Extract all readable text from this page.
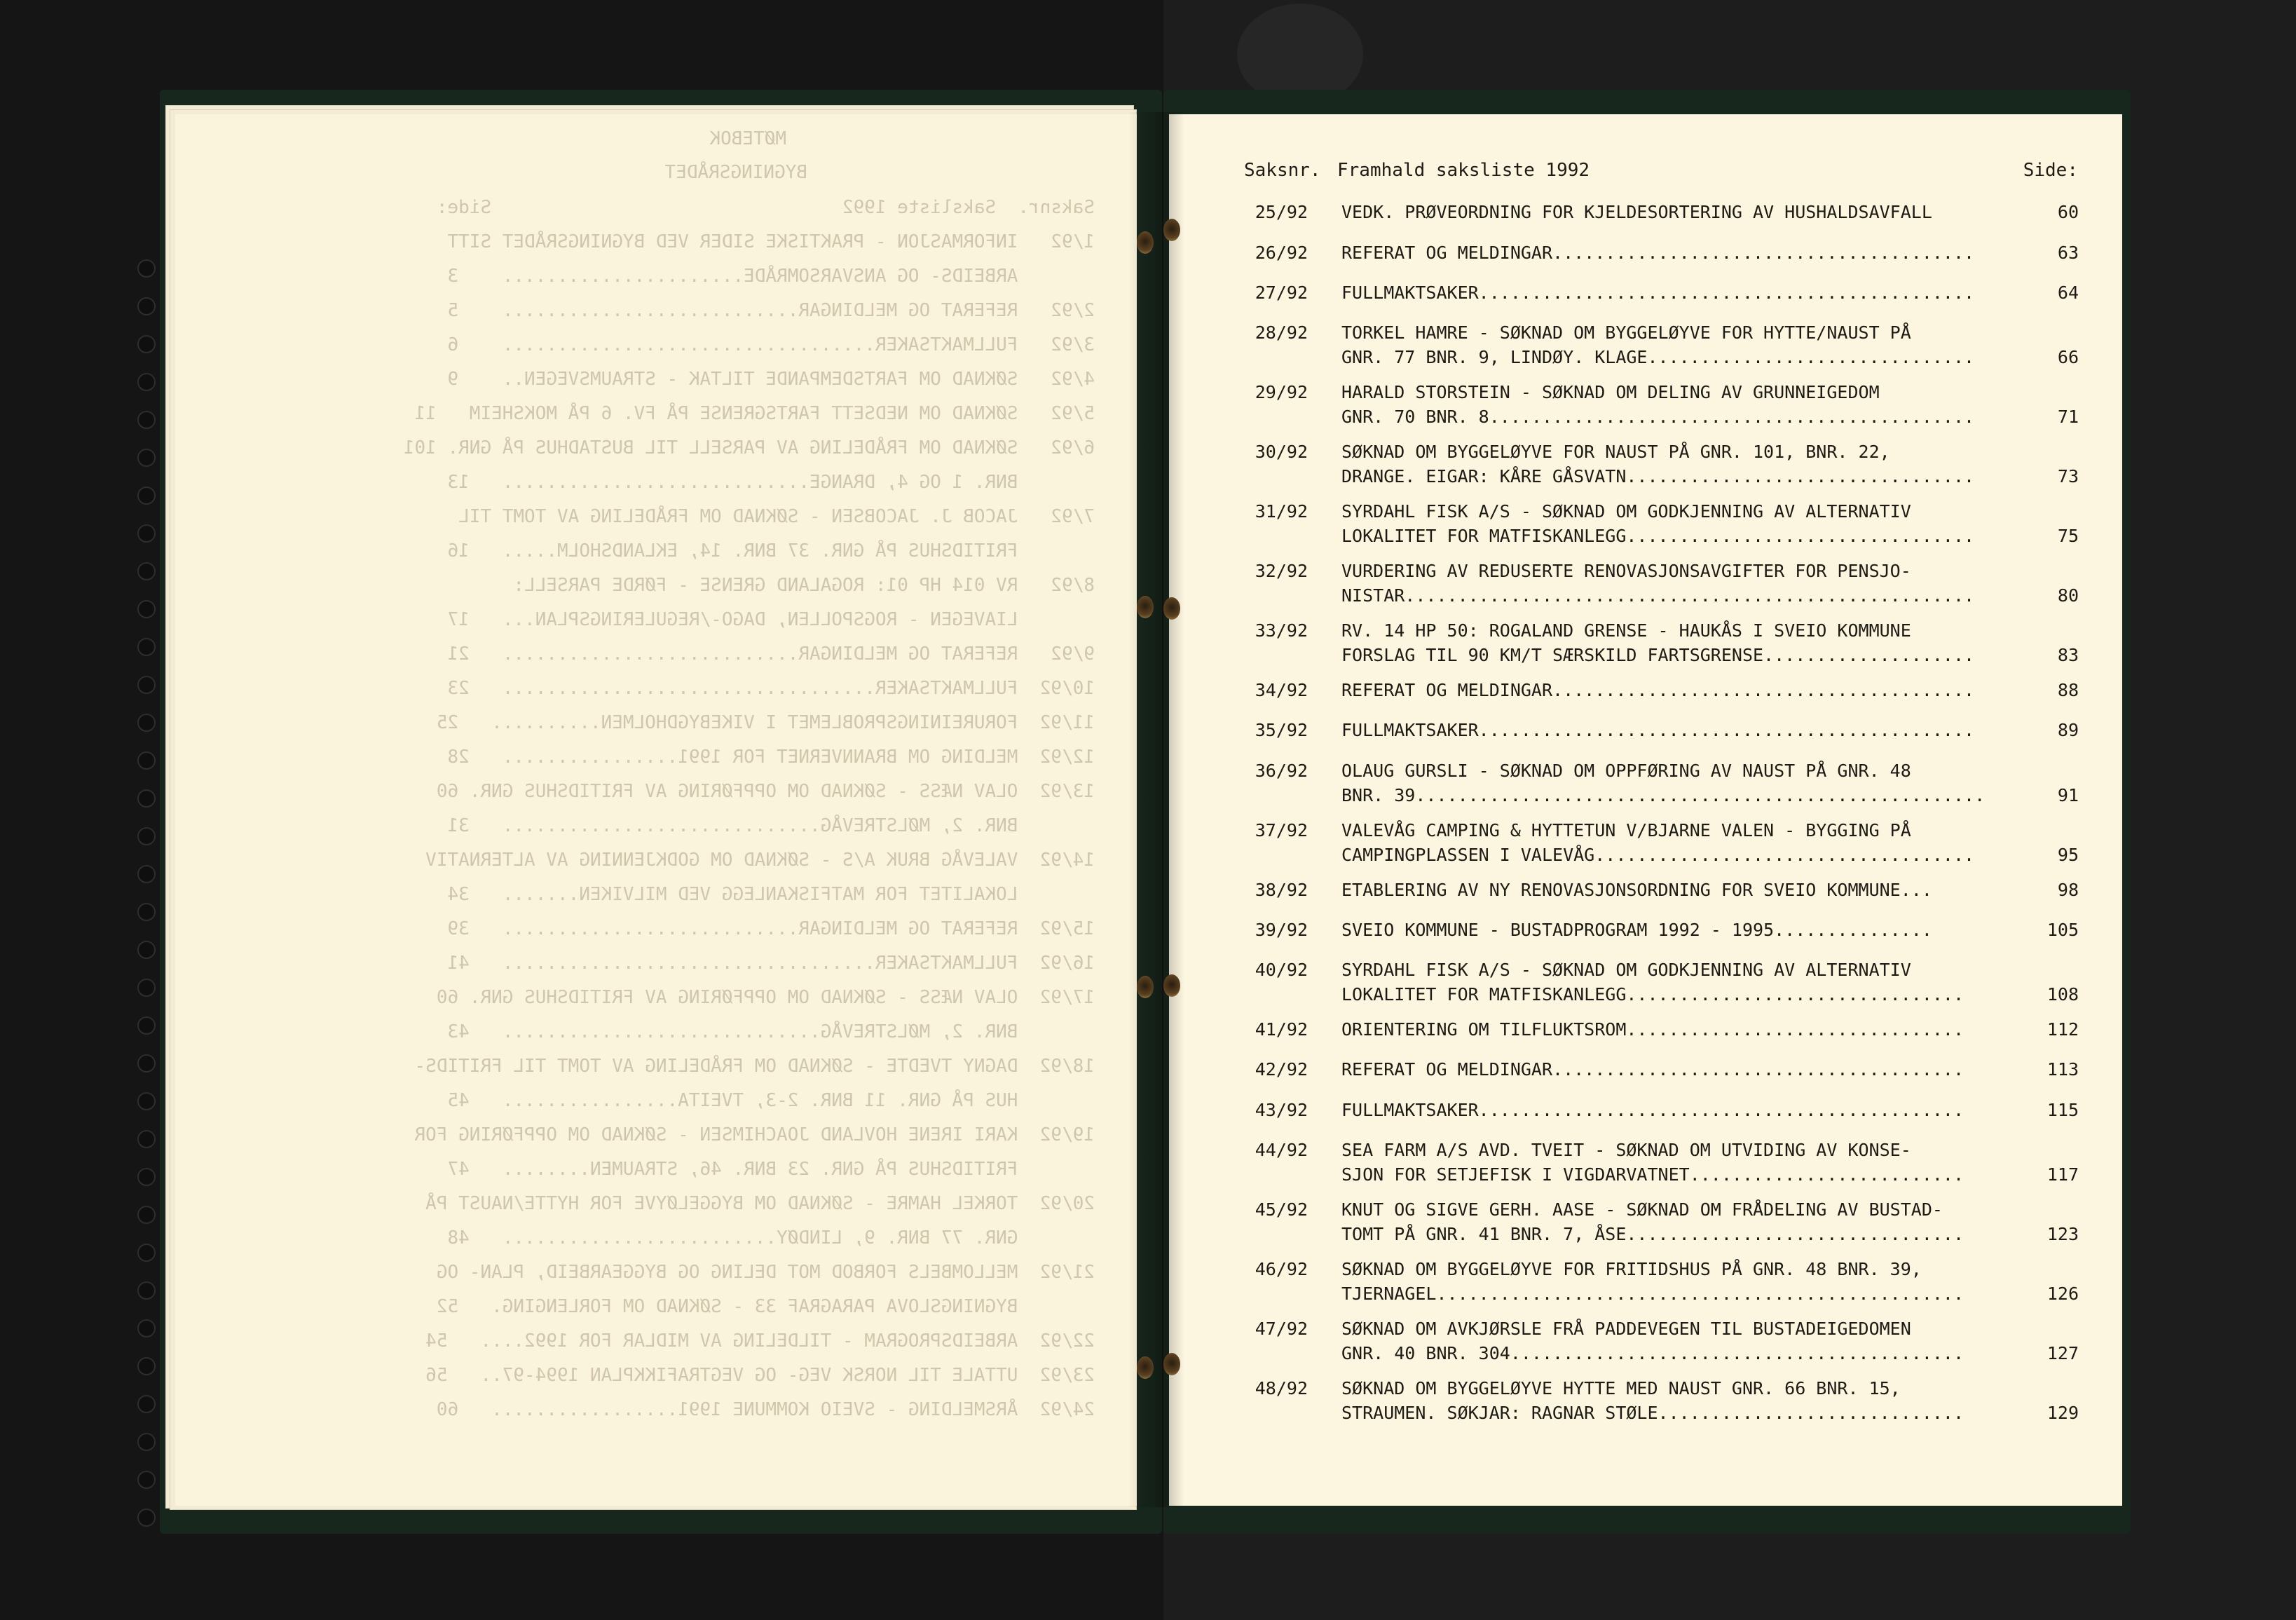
MØTEBOK
BYGNINGSRÅDET
Saksnr.  Saksliste 1992                                Side:
1/92   INFORMASJON - PRAKTISKE SIDER VED BYGNINGSRÅDET SITT
ARBEIDS- OG ANSVARSOMRÅDE......................    3
2/92   REFERAT OG MELDINGAR...........................    5
3/92   FULLMAKTSAKER..................................    6
4/92   SØKNAD OM FARTSDEMPANDE TILTAK - STRAUMSVEGEN..    9
5/92   SØKNAD OM NEDSETT FARTSGRENSE PÅ FV. 6 PÅ MOKSHEIM   11
6/92   SØKNAD OM FRÅDELING AV PARSELL TIL BUSTADHUS PÅ GNR. 101
BNR. 1 OG 4, DRANGE............................   13
7/92   JACOB J. JACOBSEN - SØKNAD OM FRÅDELING AV TOMT TIL
FRITIDSHUS PÅ GNR. 37 BNR. 14, EKLANDSHOLM.....   16
8/92   RV 014 HP 01: ROGALAND GRENSE - FØRDE PARSELL:
LIAVEGEN - ROGSPOLLEN, DAGO-/REGULERINGSPLAN...   17
9/92   REFERAT OG MELDINGAR...........................   21
10/92  FULLMAKTSAKER..................................   23
11/92  FORUREININGSPROBLEMET I VIKEBYGDHOLMEN..........   25
12/92  MELDING OM BRANNVERNET FOR 1991................   28
13/92  OLAV NÆSS - SØKNAD OM OPPFØRING AV FRITIDSHUS GNR. 60
BNR. 2, MØLSTREVÅG.............................   31
14/92  VALEVÅG BRUK A/S - SØKNAD OM GODKJENNING AV ALTERNATIV
LOKALITET FOR MATFISKANLEGG VED MILVIKEN.......   34
15/92  REFERAT OG MELDINGAR...........................   39
16/92  FULLMAKTSAKER..................................   41
17/92  OLAV NÆSS - SØKNAD OM OPPFØRING AV FRITIDSHUS GNR. 60
BNR. 2, MØLSTREVÅG.............................   43
18/92  DAGNY TVEDTE - SØKNAD OM FRÅDELING AV TOMT TIL FRITIDS-
HUS PÅ GNR. 11 BNR. 2-3, TVEITA................   45
19/92  KARI IRENE HOVLAND JOACHIMSEN - SØKNAD OM OPPFØRING FOR
FRITIDSHUS PÅ GNR. 23 BNR. 46, STRAUMEN........   47
20/92  TORKEL HAMRE - SØKNAD OM BYGGELØYVE FOR HYTTE/NAUST PÅ
GNR. 77 BNR. 9, LINDØY.........................   48
21/92  MELLOMBELS FORBOD MOT DELING OG BYGGEARBEID, PLAN- OG
BYGNINGSLOVA PARAGRAF 33 - SØKNAD OM FORLENGING.   52
22/92  ARBEIDSPROGRAM - TILDELING AV MIDLAR FOR 1992....   54
23/92  UTTALE TIL NORSK VEG- OG VEGTRAFIKKPLAN 1994-97..   56
24/92  ÅRSMELDING - SVEIO KOMMUNE 1991.................   60
Saksnr. Framhald saksliste 1992	Side:
25/92 VEDK. PRØVEORDNING FOR KJELDESORTERING AV HUSHALDSAVFALL	60
26/92 REFERAT OG MELDINGAR........................................	63
27/92 FULLMAKTSAKER...............................................	64
28/92 TORKEL HAMRE - SØKNAD OM BYGGELØYVE FOR HYTTE/NAUST PÅ
GNR. 77 BNR. 9, LINDØY. KLAGE...............................	66
29/92 HARALD STORSTEIN - SØKNAD OM DELING AV GRUNNEIGEDOM
GNR. 70 BNR. 8..............................................	71
30/92 SØKNAD OM BYGGELØYVE FOR NAUST PÅ GNR. 101, BNR. 22,
DRANGE. EIGAR: KÅRE GÅSVATN.................................	73
31/92 SYRDAHL FISK A/S - SØKNAD OM GODKJENNING AV ALTERNATIV
LOKALITET FOR MATFISKANLEGG.................................	75
32/92 VURDERING AV REDUSERTE RENOVASJONSAVGIFTER FOR PENSJO-
NISTAR......................................................	80
33/92 RV. 14 HP 50: ROGALAND GRENSE - HAUKÅS I SVEIO KOMMUNE
FORSLAG TIL 90 KM/T SÆRSKILD FARTSGRENSE....................	83
34/92 REFERAT OG MELDINGAR........................................	88
35/92 FULLMAKTSAKER...............................................	89
36/92 OLAUG GURSLI - SØKNAD OM OPPFØRING AV NAUST PÅ GNR. 48
BNR. 39......................................................	91
37/92 VALEVÅG CAMPING & HYTTETUN V/BJARNE VALEN - BYGGING PÅ
CAMPINGPLASSEN I VALEVÅG....................................	95
38/92 ETABLERING AV NY RENOVASJONSORDNING FOR SVEIO KOMMUNE...	98
39/92 SVEIO KOMMUNE - BUSTADPROGRAM 1992 - 1995...............	105
40/92 SYRDAHL FISK A/S - SØKNAD OM GODKJENNING AV ALTERNATIV
LOKALITET FOR MATFISKANLEGG................................	108
41/92 ORIENTERING OM TILFLUKTSROM................................	112
42/92 REFERAT OG MELDINGAR.......................................	113
43/92 FULLMAKTSAKER..............................................	115
44/92 SEA FARM A/S AVD. TVEIT - SØKNAD OM UTVIDING AV KONSE-
SJON FOR SETJEFISK I VIGDARVATNET..........................	117
45/92 KNUT OG SIGVE GERH. AASE - SØKNAD OM FRÅDELING AV BUSTAD-
TOMT PÅ GNR. 41 BNR. 7, ÅSE................................	123
46/92 SØKNAD OM BYGGELØYVE FOR FRITIDSHUS PÅ GNR. 48 BNR. 39,
TJERNAGEL..................................................	126
47/92 SØKNAD OM AVKJØRSLE FRÅ PADDEVEGEN TIL BUSTADEIGEDOMEN
GNR. 40 BNR. 304...........................................	127
48/92 SØKNAD OM BYGGELØYVE HYTTE MED NAUST GNR. 66 BNR. 15,
STRAUMEN. SØKJAR: RAGNAR STØLE.............................	129
